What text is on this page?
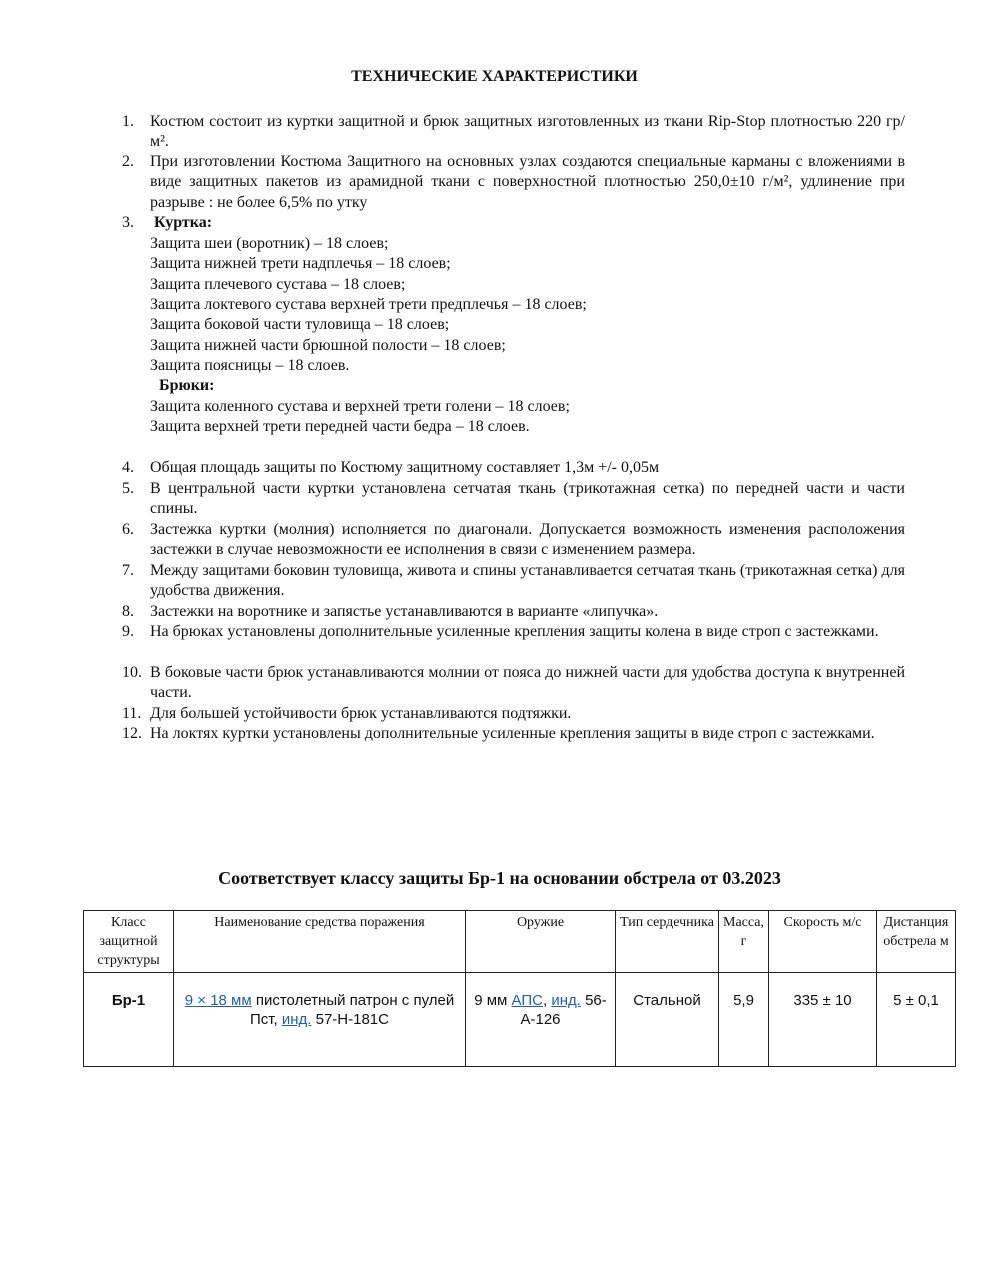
ТЕХНИЧЕСКИЕ ХАРАКТЕРИСТИКИ
1.	Костюм состоит из куртки защитной и брюк защитных изготовленных из ткани Rip-Stop плотностью 220 гр/м².
2.	При изготовлении Костюма Защитного на основных узлах создаются специальные карманы с вложениями в виде защитных пакетов из арамидной ткани с поверхностной плотностью 250,0±10 г/м², удлинение при разрыве : не более 6,5% по утку
3.	Куртка:
Защита шеи (воротник) – 18 слоев;
Защита нижней трети надплечья – 18 слоев;
Защита плечевого сустава – 18 слоев;
Защита локтевого сустава верхней трети предплечья – 18 слоев;
Защита боковой части туловища – 18 слоев;
Защита нижней части брюшной полости – 18 слоев;
Защита поясницы – 18 слоев.
Брюки:
Защита коленного сустава и верхней трети голени – 18 слоев;
Защита верхней трети передней части бедра – 18 слоев.
4.	Общая площадь защиты по Костюму защитному составляет 1,3м +/- 0,05м
5.	В центральной части куртки установлена сетчатая ткань (трикотажная сетка) по передней части и части спины.
6.	Застежка куртки (молния) исполняется по диагонали. Допускается возможность изменения расположения застежки в случае невозможности ее исполнения в связи с изменением размера.
7.	Между защитами боковин туловища, живота и спины устанавливается сетчатая ткань (трикотажная сетка) для удобства движения.
8.	Застежки на воротнике и запястье устанавливаются в варианте «липучка».
9.	На брюках установлены дополнительные усиленные крепления защиты колена в виде строп с застежками.
10. В боковые части брюк устанавливаются молнии от пояса до нижней части для удобства доступа к внутренней части.
11. Для большей устойчивости брюк устанавливаются подтяжки.
12. На локтях куртки установлены дополнительные усиленные крепления защиты в виде строп с застежками.
Соответствует классу защиты Бр-1 на основании обстрела от 03.2023
Класс защитной структуры	Наименование средства поражения	Оружие	Тип сердечника	Масса, г	Скорость м/с	Дистанция обстрела м
Бр-1	9 × 18 мм пистолетный патрон с пулей Пст, инд. 57-Н-181С	9 мм АПС, инд. 56-А-126	Стальной	5,9	335 ± 10	5 ± 0,1
